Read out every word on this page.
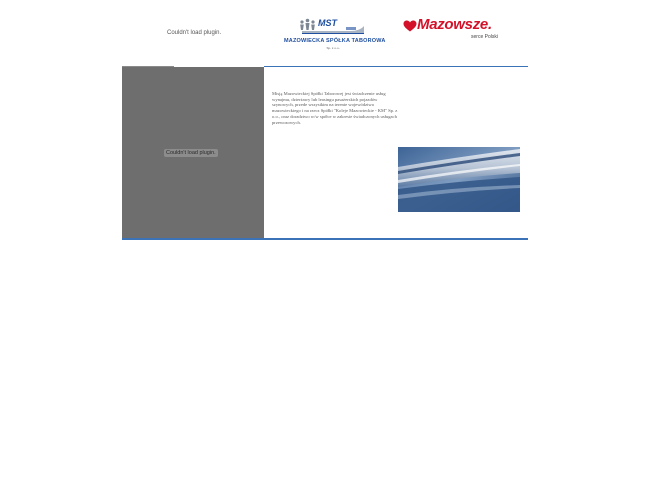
Couldn't load plugin.
MST
MAZOWIECKA SPÓŁKA TABOROWA
Sp. z o.o.
Mazowsze.
serce Polski
Couldn't load plugin.
Misją Mazowieckiej Spółki Taborowej jest świadczenie usług wynajmu, dzierżawy lub leasingu pasażerskich pojazdów szynowych, przede wszystkim na terenie województwa mazowieckiego i na rzecz Spółki "Koleje Mazowieckie - KM" Sp. z o.o., oraz doradztwo w/w spółce w zakresie świadczonych usługach przewozowych.
